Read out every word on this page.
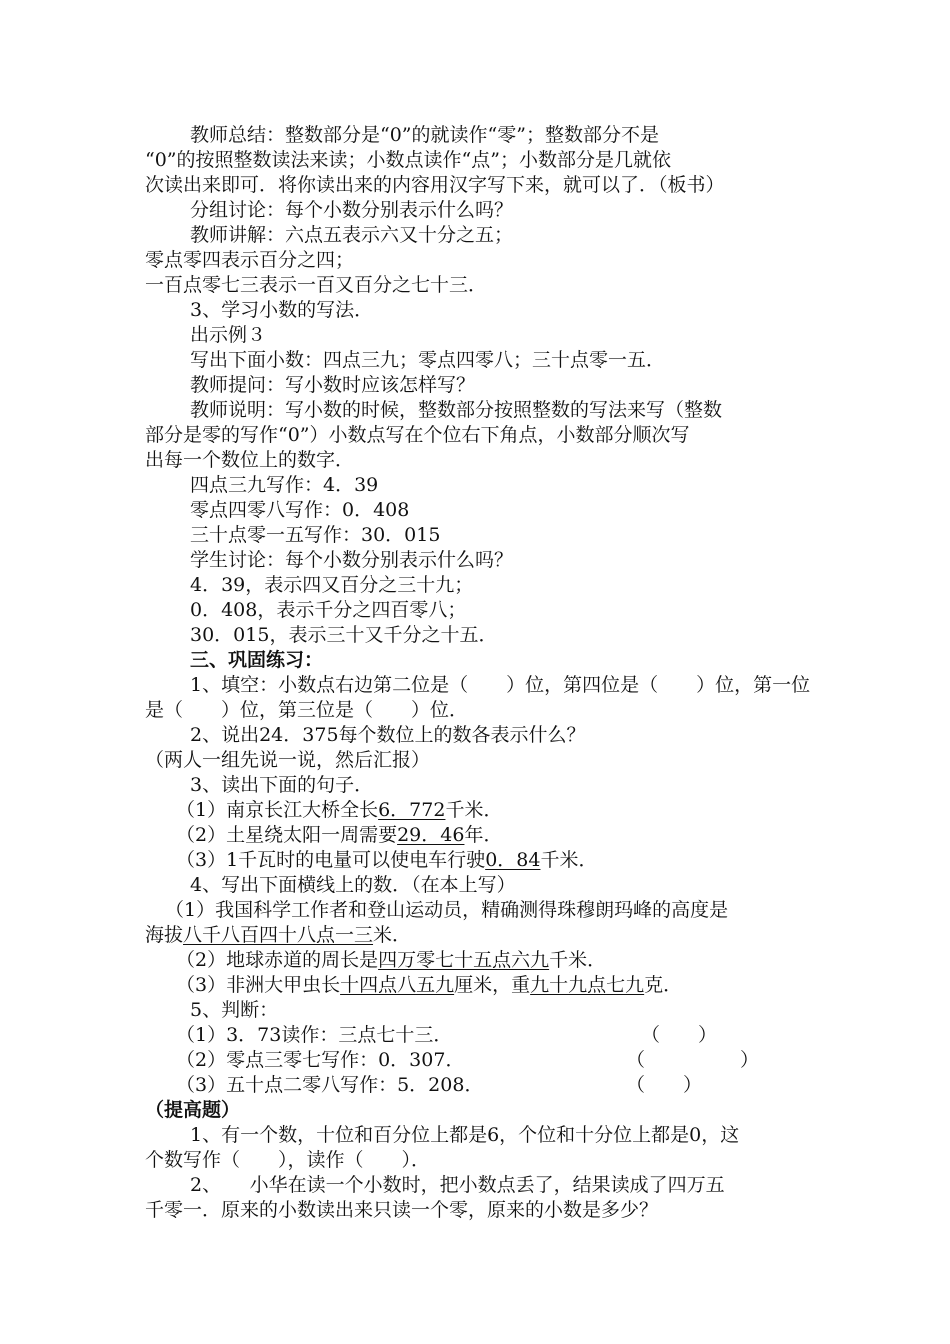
教师总结：整数部分是“0”的就读作“零”；整数部分不是
“0”的按照整数读法来读；小数点读作“点”；小数部分是几就依
次读出来即可．将你读出来的内容用汉字写下来，就可以了．（板书）
分组讨论：每个小数分别表示什么吗？
教师讲解：六点五表示六又十分之五；
零点零四表示百分之四；
一百点零七三表示一百又百分之七十三．
3、学习小数的写法．
出示例３
写出下面小数：四点三九；零点四零八；三十点零一五．
教师提问：写小数时应该怎样写？
教师说明：写小数的时候，整数部分按照整数的写法来写（整数
部分是零的写作“0”）小数点写在个位右下角点，小数部分顺次写
出每一个数位上的数字．
四点三九写作：4．39
零点四零八写作：0．408
三十点零一五写作：30．015
学生讨论：每个小数分别表示什么吗？
4．39，表示四又百分之三十九；
0．408，表示千分之四百零八；
30．015，表示三十又千分之十五．
三、巩固练习：
1、填空：小数点右边第二位是（　　）位，第四位是（　　）位，第一位
是（　　）位，第三位是（　　）位．
2、说出24．375每个数位上的数各表示什么？
（两人一组先说一说，然后汇报）
3、读出下面的句子．
（1）南京长江大桥全长6．772千米．
（2）土星绕太阳一周需要29．46年．
（3）1千瓦时的电量可以使电车行驶0．84千米．
4、写出下面横线上的数．（在本上写）
（1）我国科学工作者和登山运动员，精确测得珠穆朗玛峰的高度是
海拔八千八百四十八点一三米．
（2）地球赤道的周长是四万零七十五点六九千米．
（3）非洲大甲虫长十四点八五九厘米，重九十九点七九克．
5、判断：
（1）3．73读作：三点七十三．	（　　）
（2）零点三零七写作：0．307．	（　　　　　）
（3）五十点二零八写作：5．208．	（　　）
（提高题）
1、有一个数，十位和百分位上都是6，个位和十分位上都是0，这
个数写作（　　），读作（　　）．
2、　　小华在读一个小数时，把小数点丢了，结果读成了四万五
千零一．原来的小数读出来只读一个零，原来的小数是多少？
